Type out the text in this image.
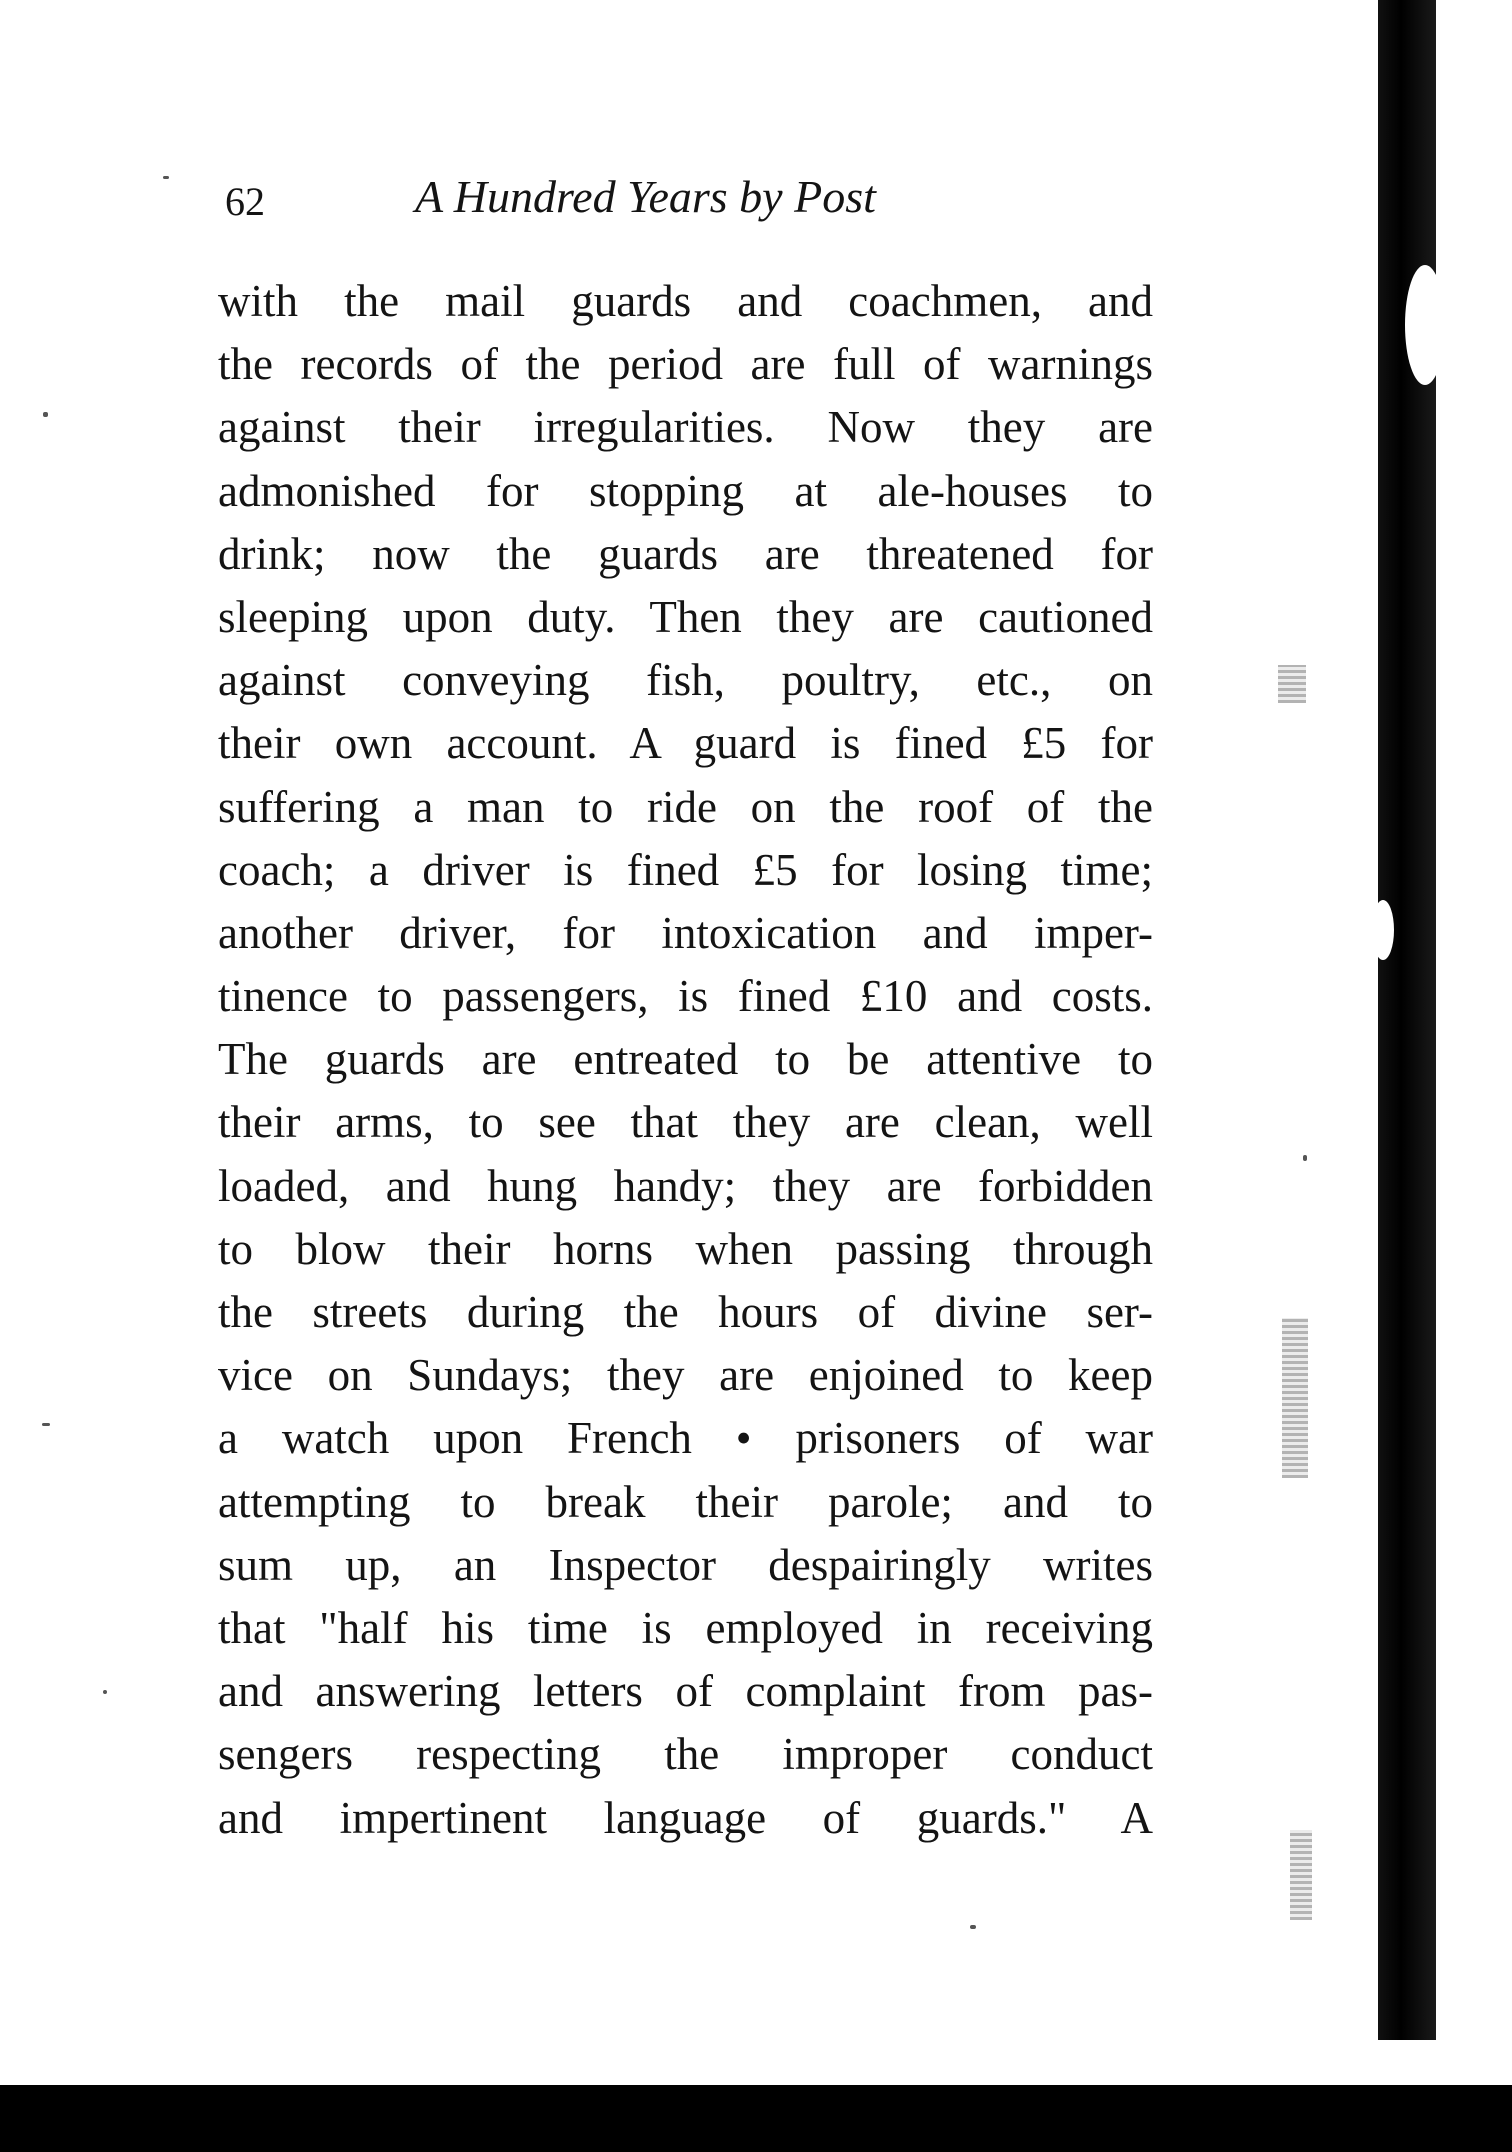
62	A Hundred Years by Post
with the mail guards and coachmen, and
the records of the period are full of warnings
against their irregularities. Now they are
admonished for stopping at ale-houses to
drink; now the guards are threatened for
sleeping upon duty. Then they are cautioned
against conveying fish, poultry, etc., on
their own account. A guard is fined £5 for
suffering a man to ride on the roof of the
coach; a driver is fined £5 for losing time;
another driver, for intoxication and imper-
tinence to passengers, is fined £10 and costs.
The guards are entreated to be attentive to
their arms, to see that they are clean, well
loaded, and hung handy; they are forbidden
to blow their horns when passing through
the streets during the hours of divine ser-
vice on Sundays; they are enjoined to keep
a watch upon French • prisoners of war
attempting to break their parole; and to
sum up, an Inspector despairingly writes
that "half his time is employed in receiving
and answering letters of complaint from pas-
sengers respecting the improper conduct
and impertinent language of guards." A
